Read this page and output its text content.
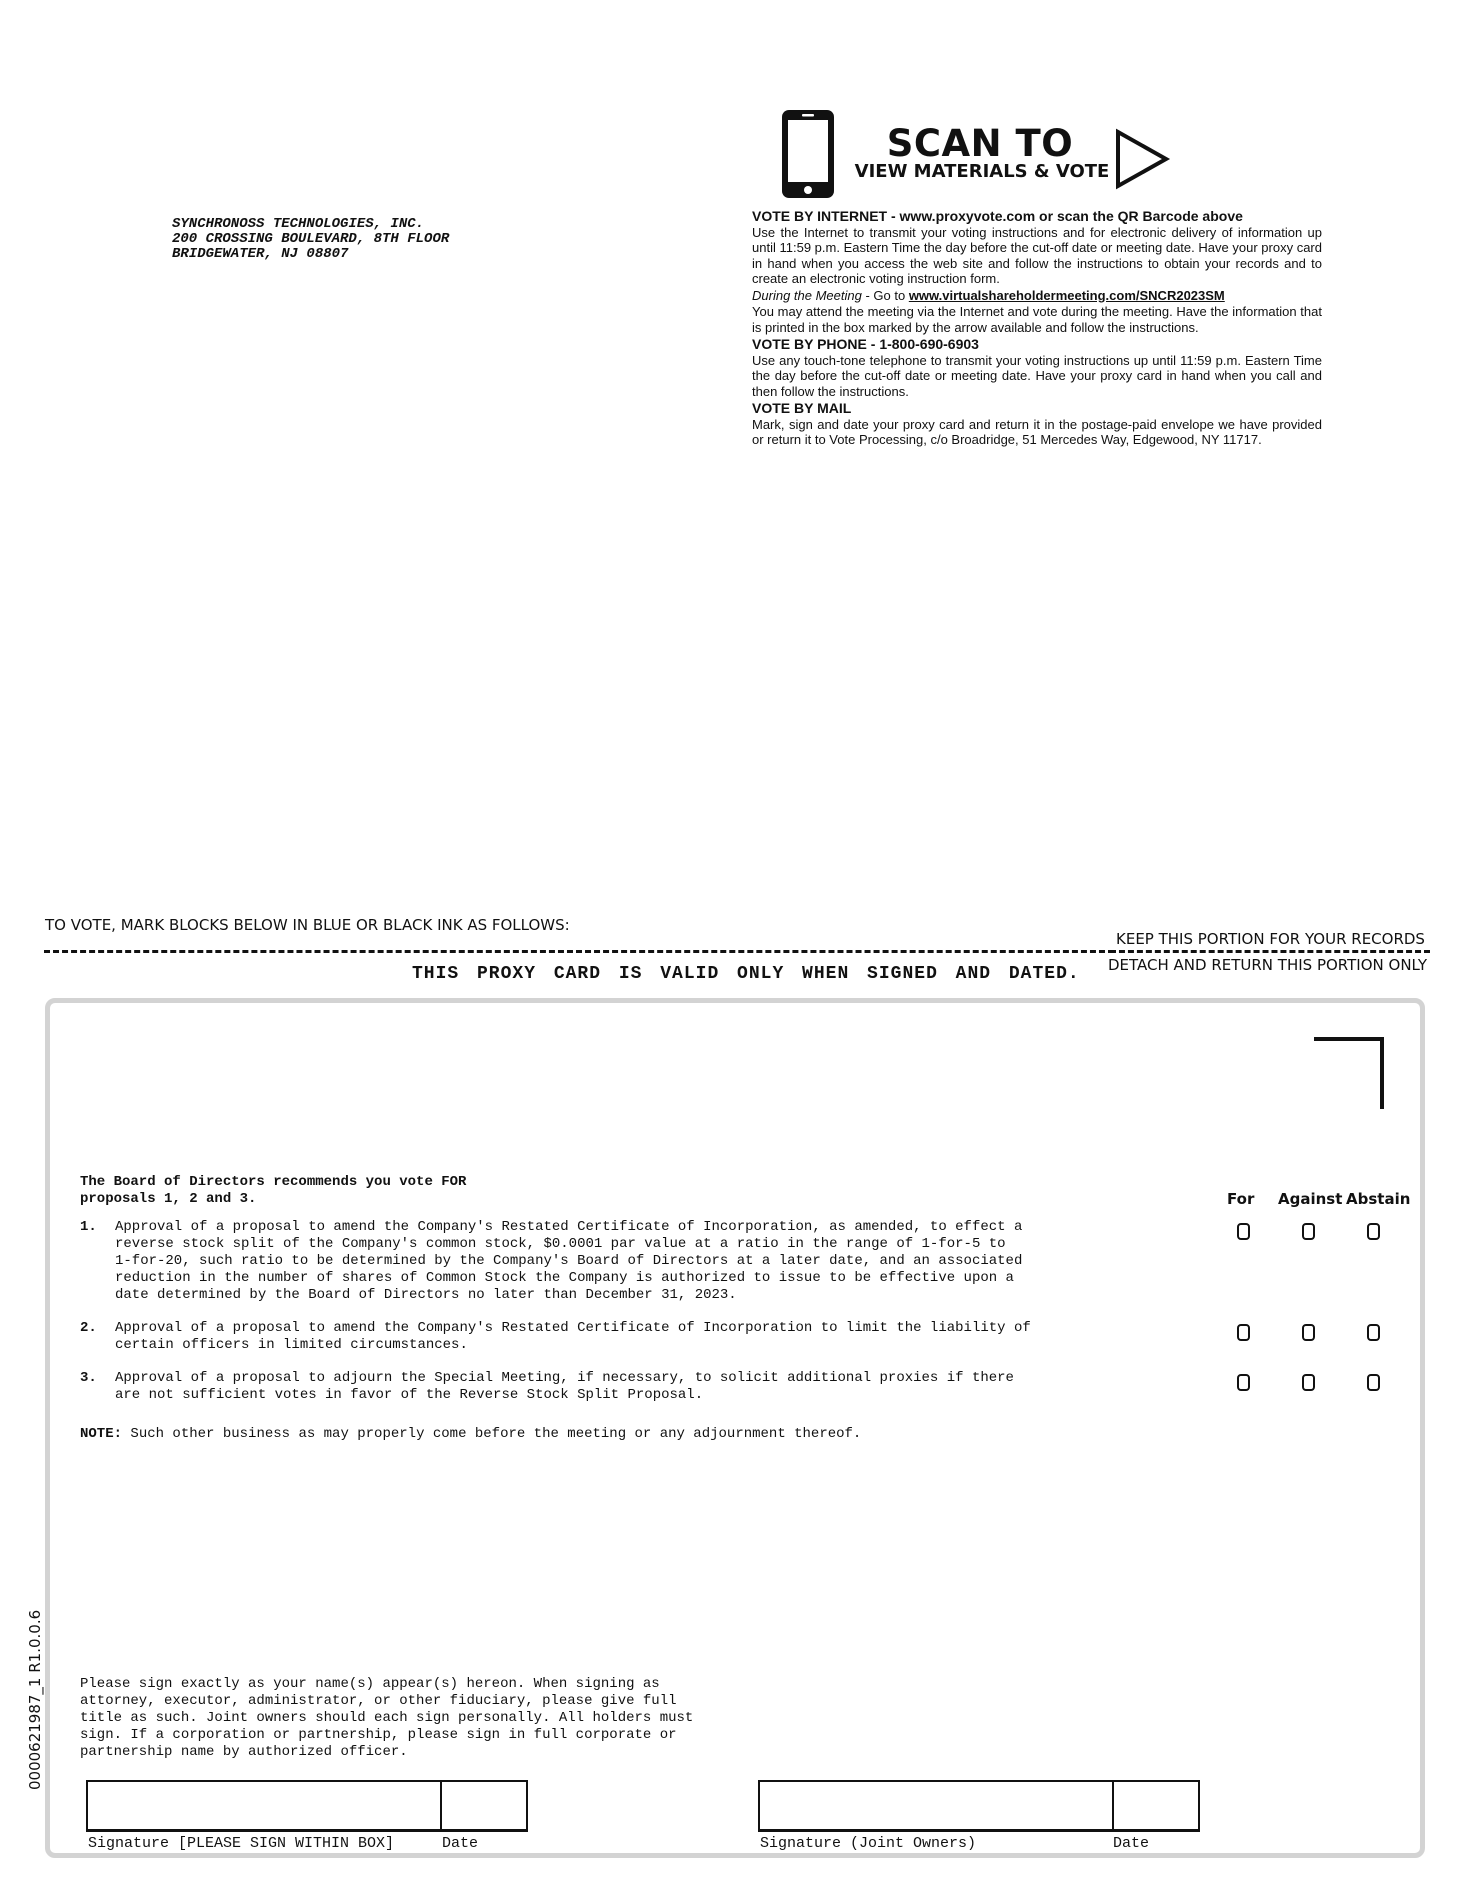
SYNCHRONOSS TECHNOLOGIES, INC.
200 CROSSING BOULEVARD, 8TH FLOOR
BRIDGEWATER, NJ 08807
SCAN TO
VIEW MATERIALS & VOTE
VOTE BY INTERNET - www.proxyvote.com or scan the QR Barcode above

Use the Internet to transmit your voting instructions and for electronic delivery of information up until 11:59 p.m. Eastern Time the day before the cut-off date or meeting date. Have your proxy card in hand when you access the web site and follow the instructions to obtain your records and to create an electronic voting instruction form.

During the Meeting - Go to www.virtualshareholdermeeting.com/SNCR2023SM

You may attend the meeting via the Internet and vote during the meeting. Have the information that is printed in the box marked by the arrow available and follow the instructions.

VOTE BY PHONE - 1-800-690-6903

Use any touch-tone telephone to transmit your voting instructions up until 11:59 p.m. Eastern Time the day before the cut-off date or meeting date. Have your proxy card in hand when you call and then follow the instructions.

VOTE BY MAIL

Mark, sign and date your proxy card and return it in the postage-paid envelope we have provided or return it to Vote Processing, c/o Broadridge, 51 Mercedes Way, Edgewood, NY 11717.

TO VOTE, MARK BLOCKS BELOW IN BLUE OR BLACK INK AS FOLLOWS:
KEEP THIS PORTION FOR YOUR RECORDS
DETACH AND RETURN THIS PORTION ONLY
THIS PROXY CARD IS VALID ONLY WHEN SIGNED AND DATED.
The Board of Directors recommends you vote FOR
proposals 1, 2 and 3.	For Against Abstain
1. Approval of a proposal to amend the Company's Restated Certificate of Incorporation, as amended, to effect a
reverse stock split of the Company's common stock, $0.0001 par value at a ratio in the range of 1-for-5 to
1-for-20, such ratio to be determined by the Company's Board of Directors at a later date, and an associated
reduction in the number of shares of Common Stock the Company is authorized to issue to be effective upon a
date determined by the Board of Directors no later than December 31, 2023.
2. Approval of a proposal to amend the Company's Restated Certificate of Incorporation to limit the liability of
certain officers in limited circumstances.
3. Approval of a proposal to adjourn the Special Meeting, if necessary, to solicit additional proxies if there
are not sufficient votes in favor of the Reverse Stock Split Proposal.
NOTE: Such other business as may properly come before the meeting or any adjournment thereof.
Please sign exactly as your name(s) appear(s) hereon. When signing as
attorney, executor, administrator, or other fiduciary, please give full
title as such. Joint owners should each sign personally. All holders must
sign. If a corporation or partnership, please sign in full corporate or
partnership name by authorized officer.
Signature [PLEASE SIGN WITHIN BOX]	Date	Signature (Joint Owners)	Date
0000621987_1 R1.0.0.6
